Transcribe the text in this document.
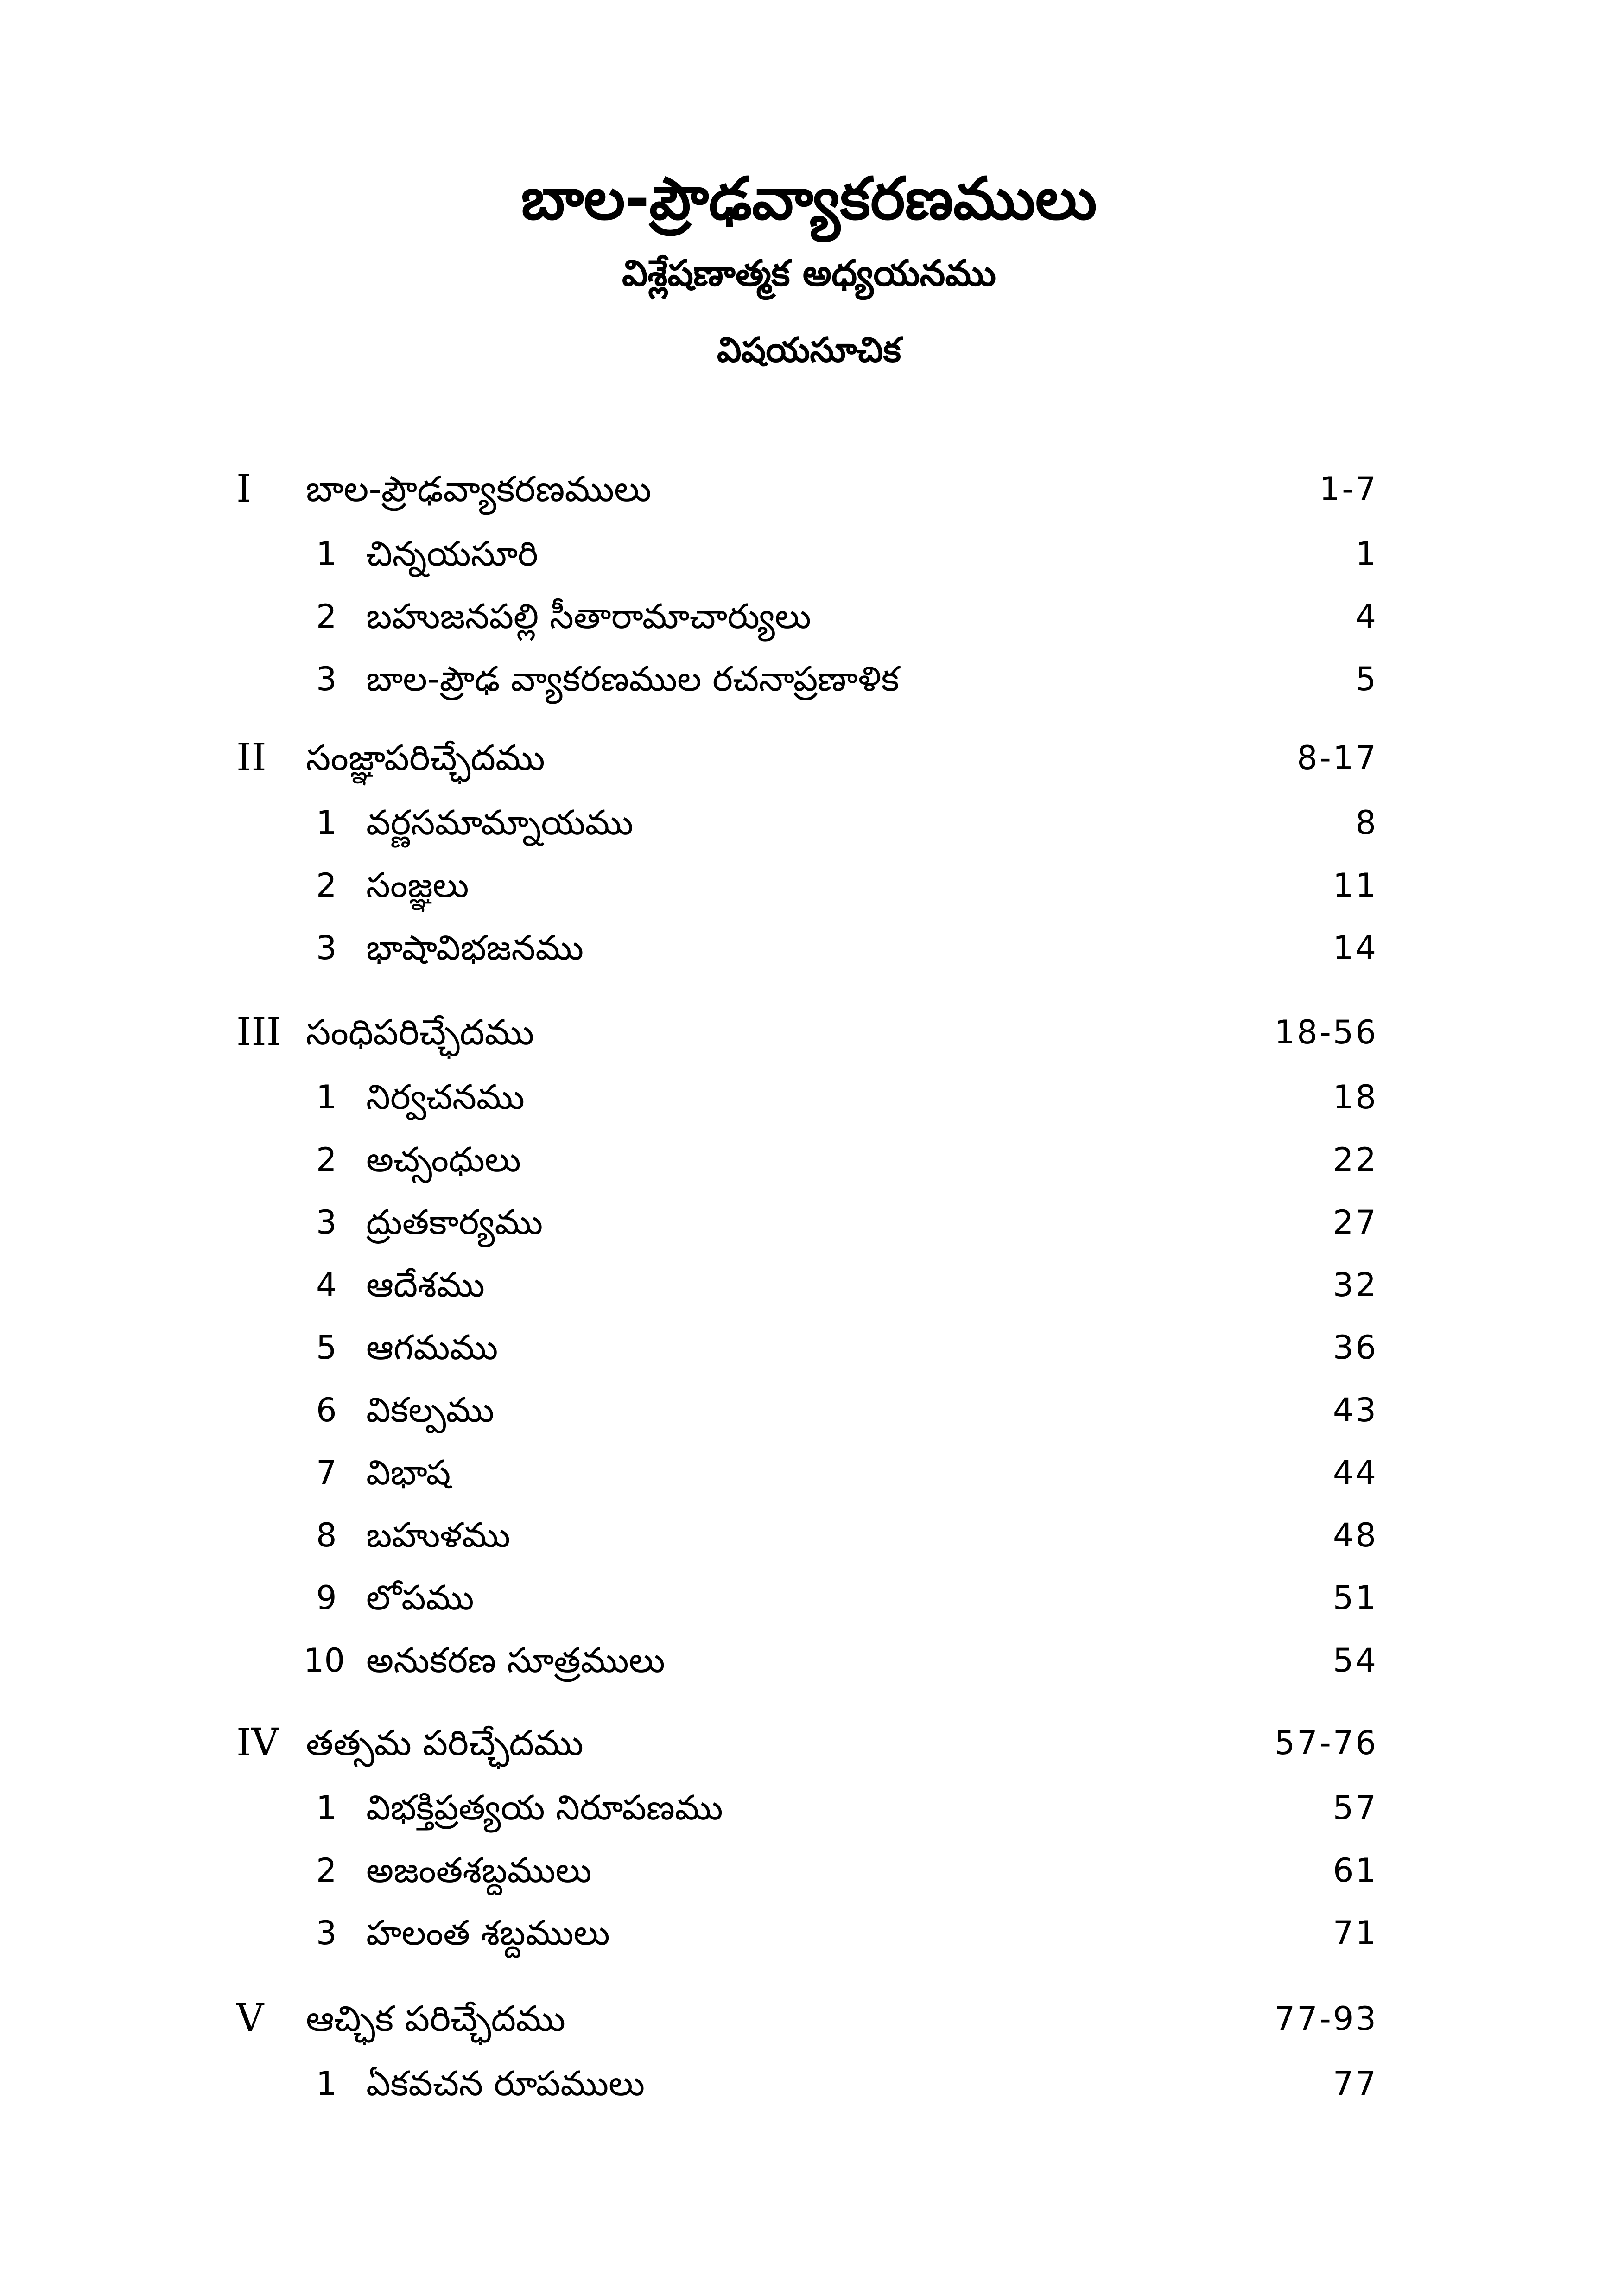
బాల-ప్రౌఢవ్యాకరణములు
విశ్లేషణాత్మక అధ్యయనము
విషయసూచిక
I	బాల-ప్రౌఢవ్యాకరణములు	1-7
1 చిన్నయసూరి	1
2 బహుజనపల్లి సీతారామాచార్యులు	4
3 బాల-ప్రౌఢ వ్యాకరణముల రచనాప్రణాళిక	5
II	సంజ్ఞాపరిచ్ఛేదము	8-17
1 వర్ణసమామ్నాయము	8
2 సంజ్ఞలు	11
3 భాషావిభజనము	14
III సంధిపరిచ్ఛేదము	18-56
1 నిర్వచనము	18
2 అచ్సంధులు	22
3 ద్రుతకార్యము	27
4 ఆదేశము	32
5 ఆగమము	36
6 వికల్పము	43
7 విభాష	44
8 బహుళము	48
9 లోపము	51
10 అనుకరణ సూత్రములు	54
IV తత్సమ పరిచ్ఛేదము	57-76
1 విభక్తిప్రత్యయ నిరూపణము	57
2 అజంతశబ్దములు	61
3 హలంత శబ్దములు	71
V	ఆచ్ఛిక పరిచ్ఛేదము	77-93
1 ఏకవచన రూపములు	77
